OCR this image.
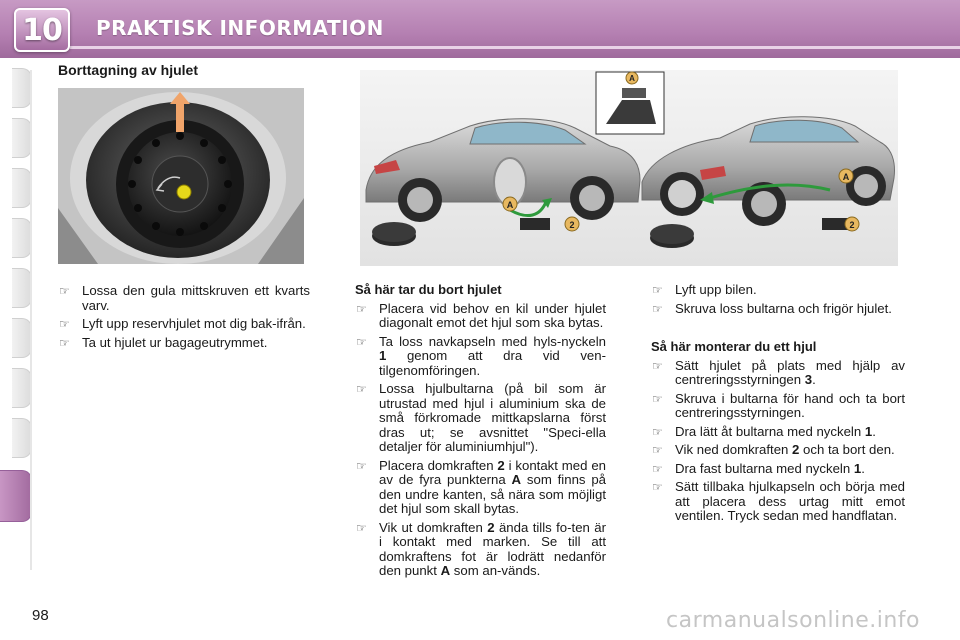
10	PRAKTISK INFORMATION
Borttagning av hjulet
A
2
A
A
2
☞ Lossa den gula mittskruven ett kvarts varv.
☞ Lyft upp reservhjulet mot dig bak-ifrån.
☞ Ta ut hjulet ur bagageutrymmet.
Så här tar du bort hjulet
☞ Placera vid behov en kil under hjulet diagonalt emot det hjul som ska bytas.
☞ Ta loss navkapseln med hyls-nyckeln 1 genom att dra vid ven-tilgenomföringen.
☞ Lossa hjulbultarna (på bil som är utrustad med hjul i aluminium ska de små förkromade mittkapslarna först dras ut; se avsnittet "Speci-ella detaljer för aluminiumhjul").
☞ Placera domkraften 2 i kontakt med en av de fyra punkterna A som finns på den undre kanten, så nära som möjligt det hjul som skall bytas.
☞ Vik ut domkraften 2 ända tills fo-ten är i kontakt med marken. Se till att domkraftens fot är lodrätt nedanför den punkt A som an-vänds.
☞ Lyft upp bilen.
☞ Skruva loss bultarna och frigör hjulet.
Så här monterar du ett hjul
☞ Sätt hjulet på plats med hjälp av centreringsstyrningen 3.
☞ Skruva i bultarna för hand och ta bort centreringsstyrningen.
☞ Dra lätt åt bultarna med nyckeln 1.
☞ Vik ned domkraften 2 och ta bort den.
☞ Dra fast bultarna med nyckeln 1.
☞ Sätt tillbaka hjulkapseln och börja med att placera dess urtag mitt emot ventilen. Tryck sedan med handflatan.
98	carmanualsonline.info
